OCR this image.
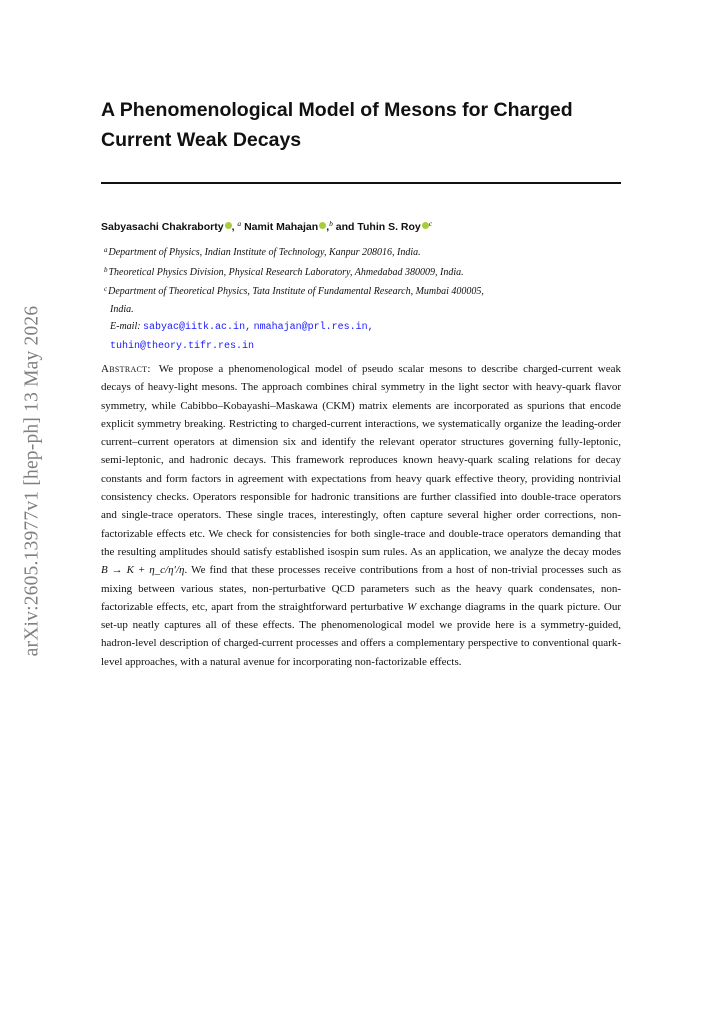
arXiv:2605.13977v1 [hep-ph] 13 May 2026
A Phenomenological Model of Mesons for Charged
Current Weak Decays
Sabyasachi Chakraborty , $^a$ Namit Mahajan ,$^b$ and Tuhin S. Roy $^c$
$^a$Department of Physics, Indian Institute of Technology, Kanpur 208016, India.
$^b$Theoretical Physics Division, Physical Research Laboratory, Ahmedabad 380009, India.
$^c$Department of Theoretical Physics, Tata Institute of Fundamental Research, Mumbai 400005,
India.
E-mail: sabyac@iitk.ac.in, nmahajan@prl.res.in,
tuhin@theory.tifr.res.in
Abstract: We propose a phenomenological model of pseudo scalar mesons to describe charged-current weak decays of heavy-light mesons. The approach combines chiral symmetry in the light sector with heavy-quark flavor symmetry, while Cabibbo–Kobayashi–Maskawa (CKM) matrix elements are incorporated as spurions that encode explicit symmetry breaking. Restricting to charged-current interactions, we systematically organize the leading-order current–current operators at dimension six and identify the relevant operator structures governing fully-leptonic, semi-leptonic, and hadronic decays. This framework reproduces known heavy-quark scaling relations for decay constants and form factors in agreement with expectations from heavy quark effective theory, providing nontrivial consistency checks. Operators responsible for hadronic transitions are further classified into double-trace operators and single-trace operators. These single traces, interestingly, often capture several higher order corrections, non-factorizable effects etc. We check for consistencies for both single-trace and double-trace operators demanding that the resulting amplitudes should satisfy established isospin sum rules. As an application, we analyze the decay modes B → K + η_c/η′/η. We find that these processes receive contributions from a host of non-trivial processes such as mixing between various states, non-perturbative QCD parameters such as the heavy quark condensates, non-factorizable effects, etc, apart from the straightforward perturbative W exchange diagrams in the quark picture. Our set-up neatly captures all of these effects. The phenomenological model we provide here is a symmetry-guided, hadron-level description of charged-current processes and offers a complementary perspective to conventional quark-level approaches, with a natural avenue for incorporating non-factorizable effects.
